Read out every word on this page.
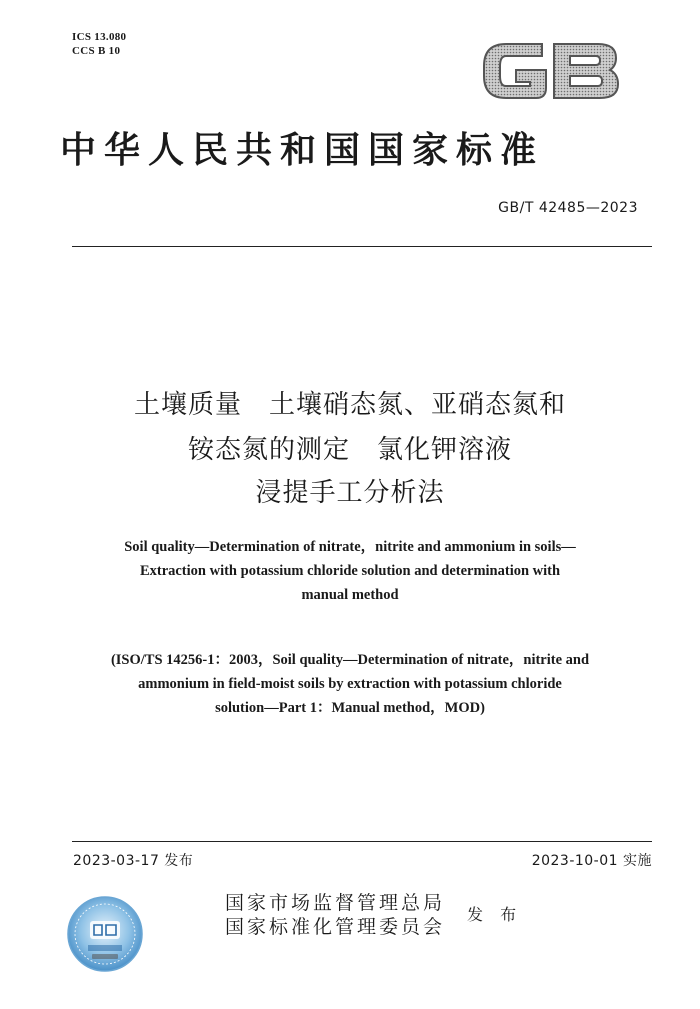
ICS 13.080
CCS B 10
中华人民共和国国家标准
GB/T 42485—2023
土壤质量　土壤硝态氮、亚硝态氮和
铵态氮的测定　氯化钾溶液
浸提手工分析法
Soil quality—Determination of nitrate，nitrite and ammonium in soils—
Extraction with potassium chloride solution and determination with
manual method
(ISO/TS 14256-1：2003，Soil quality—Determination of nitrate，nitrite and
ammonium in field-moist soils by extraction with potassium chloride
solution—Part 1：Manual method，MOD)
2023-03-17 发布	2023-10-01 实施
国家市场监督管理总局
国家标准化管理委员会
发 布
